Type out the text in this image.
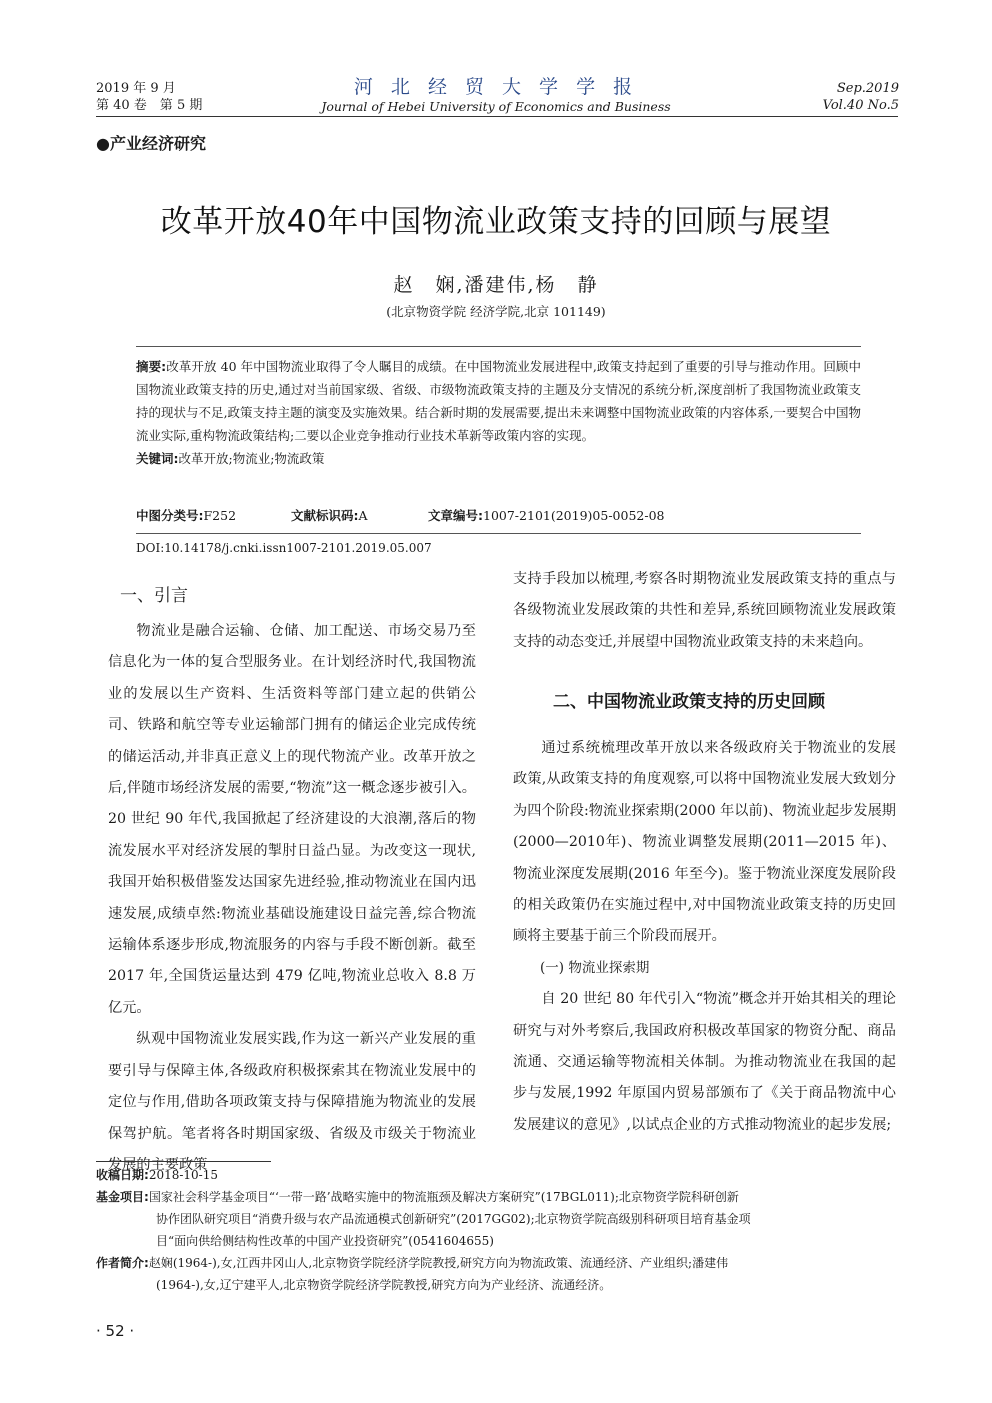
2019 年 9 月
第 40 卷　第 5 期
河 北 经 贸 大 学 学 报
Journal of Hebei University of Economics and Business
Sep.2019
Vol.40 No.5
●产业经济研究
改革开放40年中国物流业政策支持的回顾与展望
赵　娴,潘建伟,杨　静
(北京物资学院 经济学院,北京 101149)
摘要:改革开放 40 年中国物流业取得了令人瞩目的成绩。在中国物流业发展进程中,政策支持起到了重要的引导与推动作用。回顾中国物流业政策支持的历史,通过对当前国家级、省级、市级物流政策支持的主题及分支情况的系统分析,深度剖析了我国物流业政策支持的现状与不足,政策支持主题的演变及实施效果。结合新时期的发展需要,提出未来调整中国物流业政策的内容体系,一要契合中国物流业实际,重构物流政策结构;二要以企业竞争推动行业技术革新等政策内容的实现。
关键词:改革开放;物流业;物流政策
中图分类号:F252	文献标识码:A	文章编号:1007-2101(2019)05-0052-08
DOI:10.14178/j.cnki.issn1007-2101.2019.05.007
一、引言

物流业是融合运输、仓储、加工配送、市场交易乃至信息化为一体的复合型服务业。在计划经济时代,我国物流业的发展以生产资料、生活资料等部门建立起的供销公司、铁路和航空等专业运输部门拥有的储运企业完成传统的储运活动,并非真正意义上的现代物流产业。改革开放之后,伴随市场经济发展的需要,“物流”这一概念逐步被引入。20 世纪 90 年代,我国掀起了经济建设的大浪潮,落后的物流发展水平对经济发展的掣肘日益凸显。为改变这一现状,我国开始积极借鉴发达国家先进经验,推动物流业在国内迅速发展,成绩卓然:物流业基础设施建设日益完善,综合物流运输体系逐步形成,物流服务的内容与手段不断创新。截至 2017 年,全国货运量达到 479 亿吨,物流业总收入 8.8 万亿元。

纵观中国物流业发展实践,作为这一新兴产业发展的重要引导与保障主体,各级政府积极探索其在物流业发展中的定位与作用,借助各项政策支持与保障措施为物流业的发展保驾护航。笔者将各时期国家级、省级及市级关于物流业发展的主要政策

支持手段加以梳理,考察各时期物流业发展政策支持的重点与各级物流业发展政策的共性和差异,系统回顾物流业发展政策支持的动态变迁,并展望中国物流业政策支持的未来趋向。

二、中国物流业政策支持的历史回顾

通过系统梳理改革开放以来各级政府关于物流业的发展政策,从政策支持的角度观察,可以将中国物流业发展大致划分为四个阶段:物流业探索期(2000 年以前)、物流业起步发展期(2000—2010年)、物流业调整发展期(2011—2015 年)、物流业深度发展期(2016 年至今)。鉴于物流业深度发展阶段的相关政策仍在实施过程中,对中国物流业政策支持的历史回顾将主要基于前三个阶段而展开。

(一) 物流业探索期

自 20 世纪 80 年代引入“物流”概念并开始其相关的理论研究与对外考察后,我国政府积极改革国家的物资分配、商品流通、交通运输等物流相关体制。为推动物流业在我国的起步与发展,1992 年原国内贸易部颁布了《关于商品物流中心发展建议的意见》,以试点企业的方式推动物流业的起步发展;

收稿日期:2018-10-15
基金项目:国家社会科学基金项目“‘一带一路’战略实施中的物流瓶颈及解决方案研究”(17BGL011);北京物资学院科研创新
协作团队研究项目“消费升级与农产品流通模式创新研究”(2017GG02);北京物资学院高级别科研项目培育基金项
目“面向供给侧结构性改革的中国产业投资研究”(0541604655)
作者简介:赵娴(1964-),女,江西井冈山人,北京物资学院经济学院教授,研究方向为物流政策、流通经济、产业组织;潘建伟
(1964-),女,辽宁建平人,北京物资学院经济学院教授,研究方向为产业经济、流通经济。
· 52 ·
